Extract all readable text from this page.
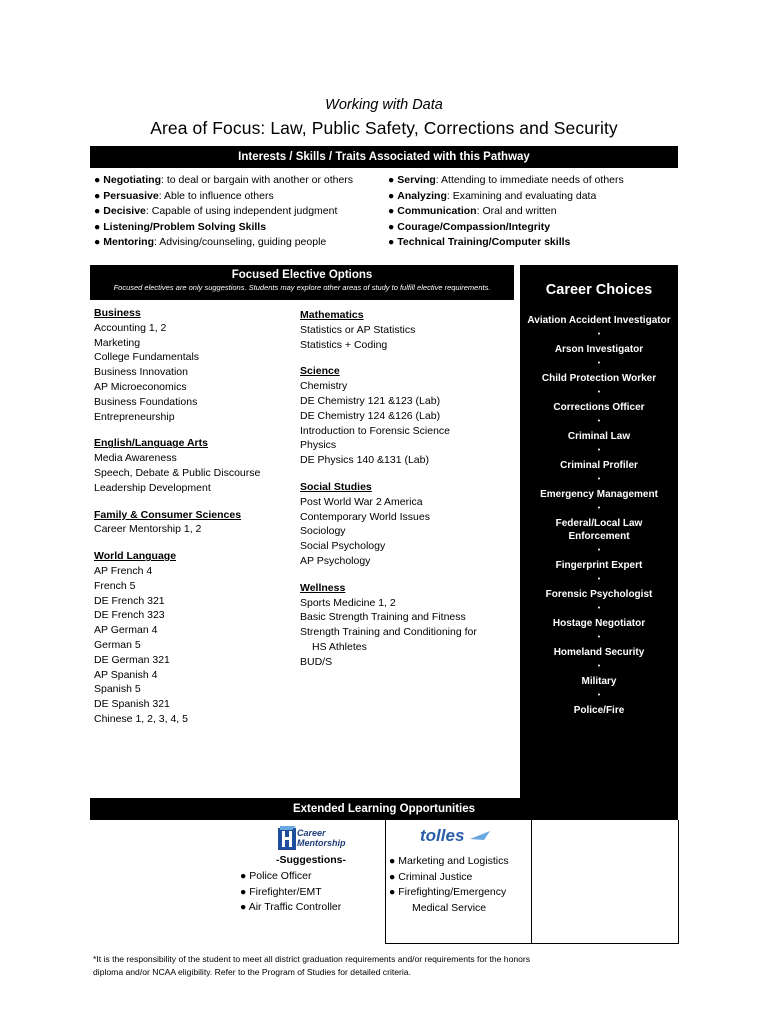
Working with Data
Area of Focus: Law, Public Safety, Corrections and Security
Interests / Skills / Traits Associated with this Pathway
● Negotiating: to deal or bargain with another or others
● Persuasive: Able to influence others
● Decisive: Capable of using independent judgment
● Listening/Problem Solving Skills
● Mentoring: Advising/counseling, guiding people
● Serving: Attending to immediate needs of others
● Analyzing: Examining and evaluating data
● Communication: Oral and written
● Courage/Compassion/Integrity
● Technical Training/Computer skills
Focused Elective Options
Focused electives are only suggestions. Students may explore other areas of study to fulfill elective requirements.
Business
Accounting 1, 2
Marketing
College Fundamentals
Business Innovation
AP Microeconomics
Business Foundations
Entrepreneurship
English/Language Arts
Media Awareness
Speech, Debate & Public Discourse
Leadership Development
Family & Consumer Sciences
Career Mentorship 1, 2
World Language
AP French 4
French 5
DE French 321
DE French 323
AP German 4
German 5
DE German 321
AP Spanish 4
Spanish 5
DE Spanish 321
Chinese 1, 2, 3, 4, 5
Mathematics
Statistics or AP Statistics
Statistics + Coding
Science
Chemistry
DE Chemistry 121 &123 (Lab)
DE Chemistry 124 &126 (Lab)
Introduction to Forensic Science
Physics
DE Physics 140 &131 (Lab)
Social Studies
Post World War 2 America
Contemporary World Issues
Sociology
Social Psychology
AP Psychology
Wellness
Sports Medicine 1, 2
Basic Strength Training and Fitness
Strength Training and Conditioning for
HS Athletes
BUD/S
Career Choices
Aviation Accident Investigator
•
Arson Investigator
•
Child Protection Worker
•
Corrections Officer
•
Criminal Law
•
Criminal Profiler
•
Emergency Management
•
Federal/Local Law Enforcement
•
Fingerprint Expert
•
Forensic Psychologist
•
Hostage Negotiator
•
Homeland Security
•
Military
•
Police/Fire
Extended Learning Opportunities
Career
Mentorship
-Suggestions-
● Police Officer
● Firefighter/EMT
● Air Traffic Controller
tolles
● Marketing and Logistics
● Criminal Justice
● Firefighting/Emergency
Medical Service
*It is the responsibility of the student to meet all district graduation requirements and/or requirements for the honors
diploma and/or NCAA eligibility. Refer to the Program of Studies for detailed criteria.
